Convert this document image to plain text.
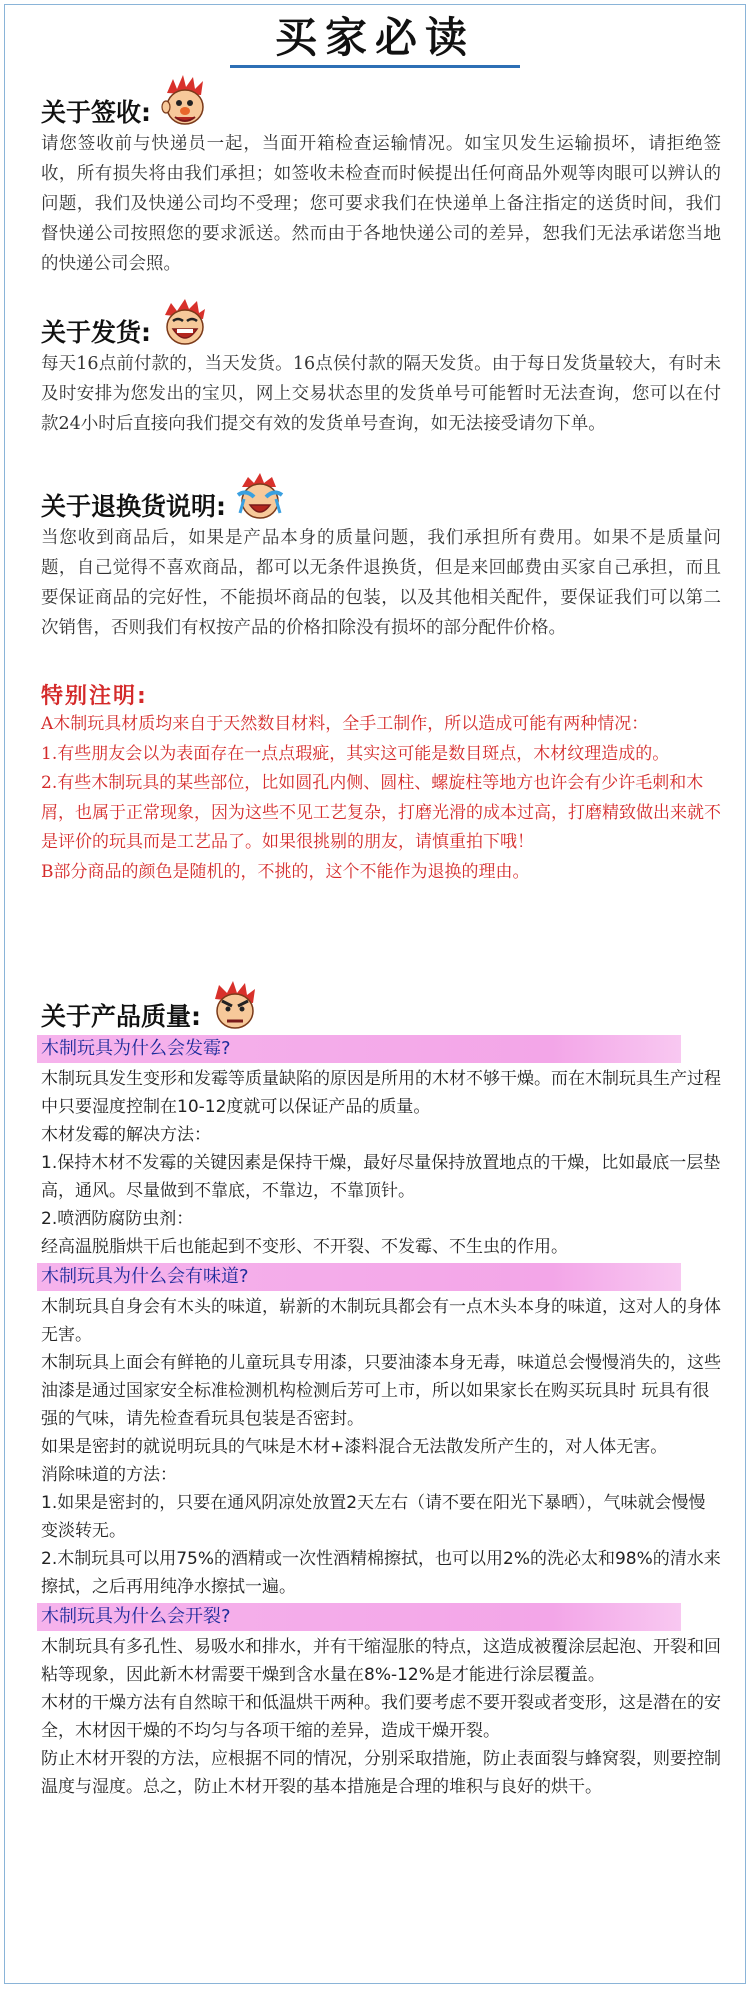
买家必读
关于签收:

请您签收前与快递员一起，当面开箱检查运输情况。如宝贝发生运输损坏，请拒绝签收，所有损失将由我们承担；如签收未检查而时候提出任何商品外观等肉眼可以辨认的问题，我们及快递公司均不受理；您可要求我们在快递单上备注指定的送货时间，我们督快递公司按照您的要求派送。然而由于各地快递公司的差异，恕我们无法承诺您当地的快递公司会照。

关于发货:

每天16点前付款的，当天发货。16点侯付款的隔天发货。由于每日发货量较大，有时未及时安排为您发出的宝贝，网上交易状态里的发货单号可能暂时无法查询，您可以在付款24小时后直接向我们提交有效的发货单号查询，如无法接受请勿下单。

关于退换货说明:

当您收到商品后，如果是产品本身的质量问题，我们承担所有费用。如果不是质量问题，自己觉得不喜欢商品，都可以无条件退换货，但是来回邮费由买家自己承担，而且要保证商品的完好性，不能损坏商品的包装，以及其他相关配件，要保证我们可以第二次销售，否则我们有权按产品的价格扣除没有损坏的部分配件价格。

特别注明:

A木制玩具材质均来自于天然数目材料，全手工制作，所以造成可能有两种情况：

1.有些朋友会以为表面存在一点点瑕疵，其实这可能是数目斑点，木材纹理造成的。

2.有些木制玩具的某些部位，比如圆孔内侧、圆柱、螺旋柱等地方也许会有少许毛刺和木屑，也属于正常现象，因为这些不见工艺复杂，打磨光滑的成本过高，打磨精致做出来就不是评价的玩具而是工艺品了。如果很挑剔的朋友，请慎重拍下哦！

B部分商品的颜色是随机的，不挑的，这个不能作为退换的理由。

关于产品质量:
木制玩具为什么会发霉?

木制玩具发生变形和发霉等质量缺陷的原因是所用的木材不够干燥。而在木制玩具生产过程中只要湿度控制在10-12度就可以保证产品的质量。

木材发霉的解决方法：

1.保持木材不发霉的关键因素是保持干燥，最好尽量保持放置地点的干燥，比如最底一层垫高，通风。尽量做到不靠底，不靠边，不靠顶针。

2.喷洒防腐防虫剂：

经高温脱脂烘干后也能起到不变形、不开裂、不发霉、不生虫的作用。

木制玩具为什么会有味道?

木制玩具自身会有木头的味道，崭新的木制玩具都会有一点木头本身的味道，这对人的身体无害。

木制玩具上面会有鲜艳的儿童玩具专用漆，只要油漆本身无毒，味道总会慢慢消失的，这些油漆是通过国家安全标准检测机构检测后芳可上市，所以如果家长在购买玩具时 玩具有很强的气味，请先检查看玩具包装是否密封。

如果是密封的就说明玩具的气味是木材+漆料混合无法散发所产生的，对人体无害。

消除味道的方法：

1.如果是密封的，只要在通风阴凉处放置2天左右（请不要在阳光下暴晒），气味就会慢慢变淡转无。

2.木制玩具可以用75%的酒精或一次性酒精棉擦拭，也可以用2%的洗必太和98%的清水来擦拭，之后再用纯净水擦拭一遍。

木制玩具为什么会开裂?

木制玩具有多孔性、易吸水和排水，并有干缩湿胀的特点，这造成被覆涂层起泡、开裂和回粘等现象，因此新木材需要干燥到含水量在8%-12%是才能进行涂层覆盖。

木材的干燥方法有自然晾干和低温烘干两种。我们要考虑不要开裂或者变形，这是潜在的安全，木材因干燥的不均匀与各项干缩的差异，造成干燥开裂。

防止木材开裂的方法，应根据不同的情况，分别采取措施，防止表面裂与蜂窝裂，则要控制温度与湿度。总之，防止木材开裂的基本措施是合理的堆积与良好的烘干。
